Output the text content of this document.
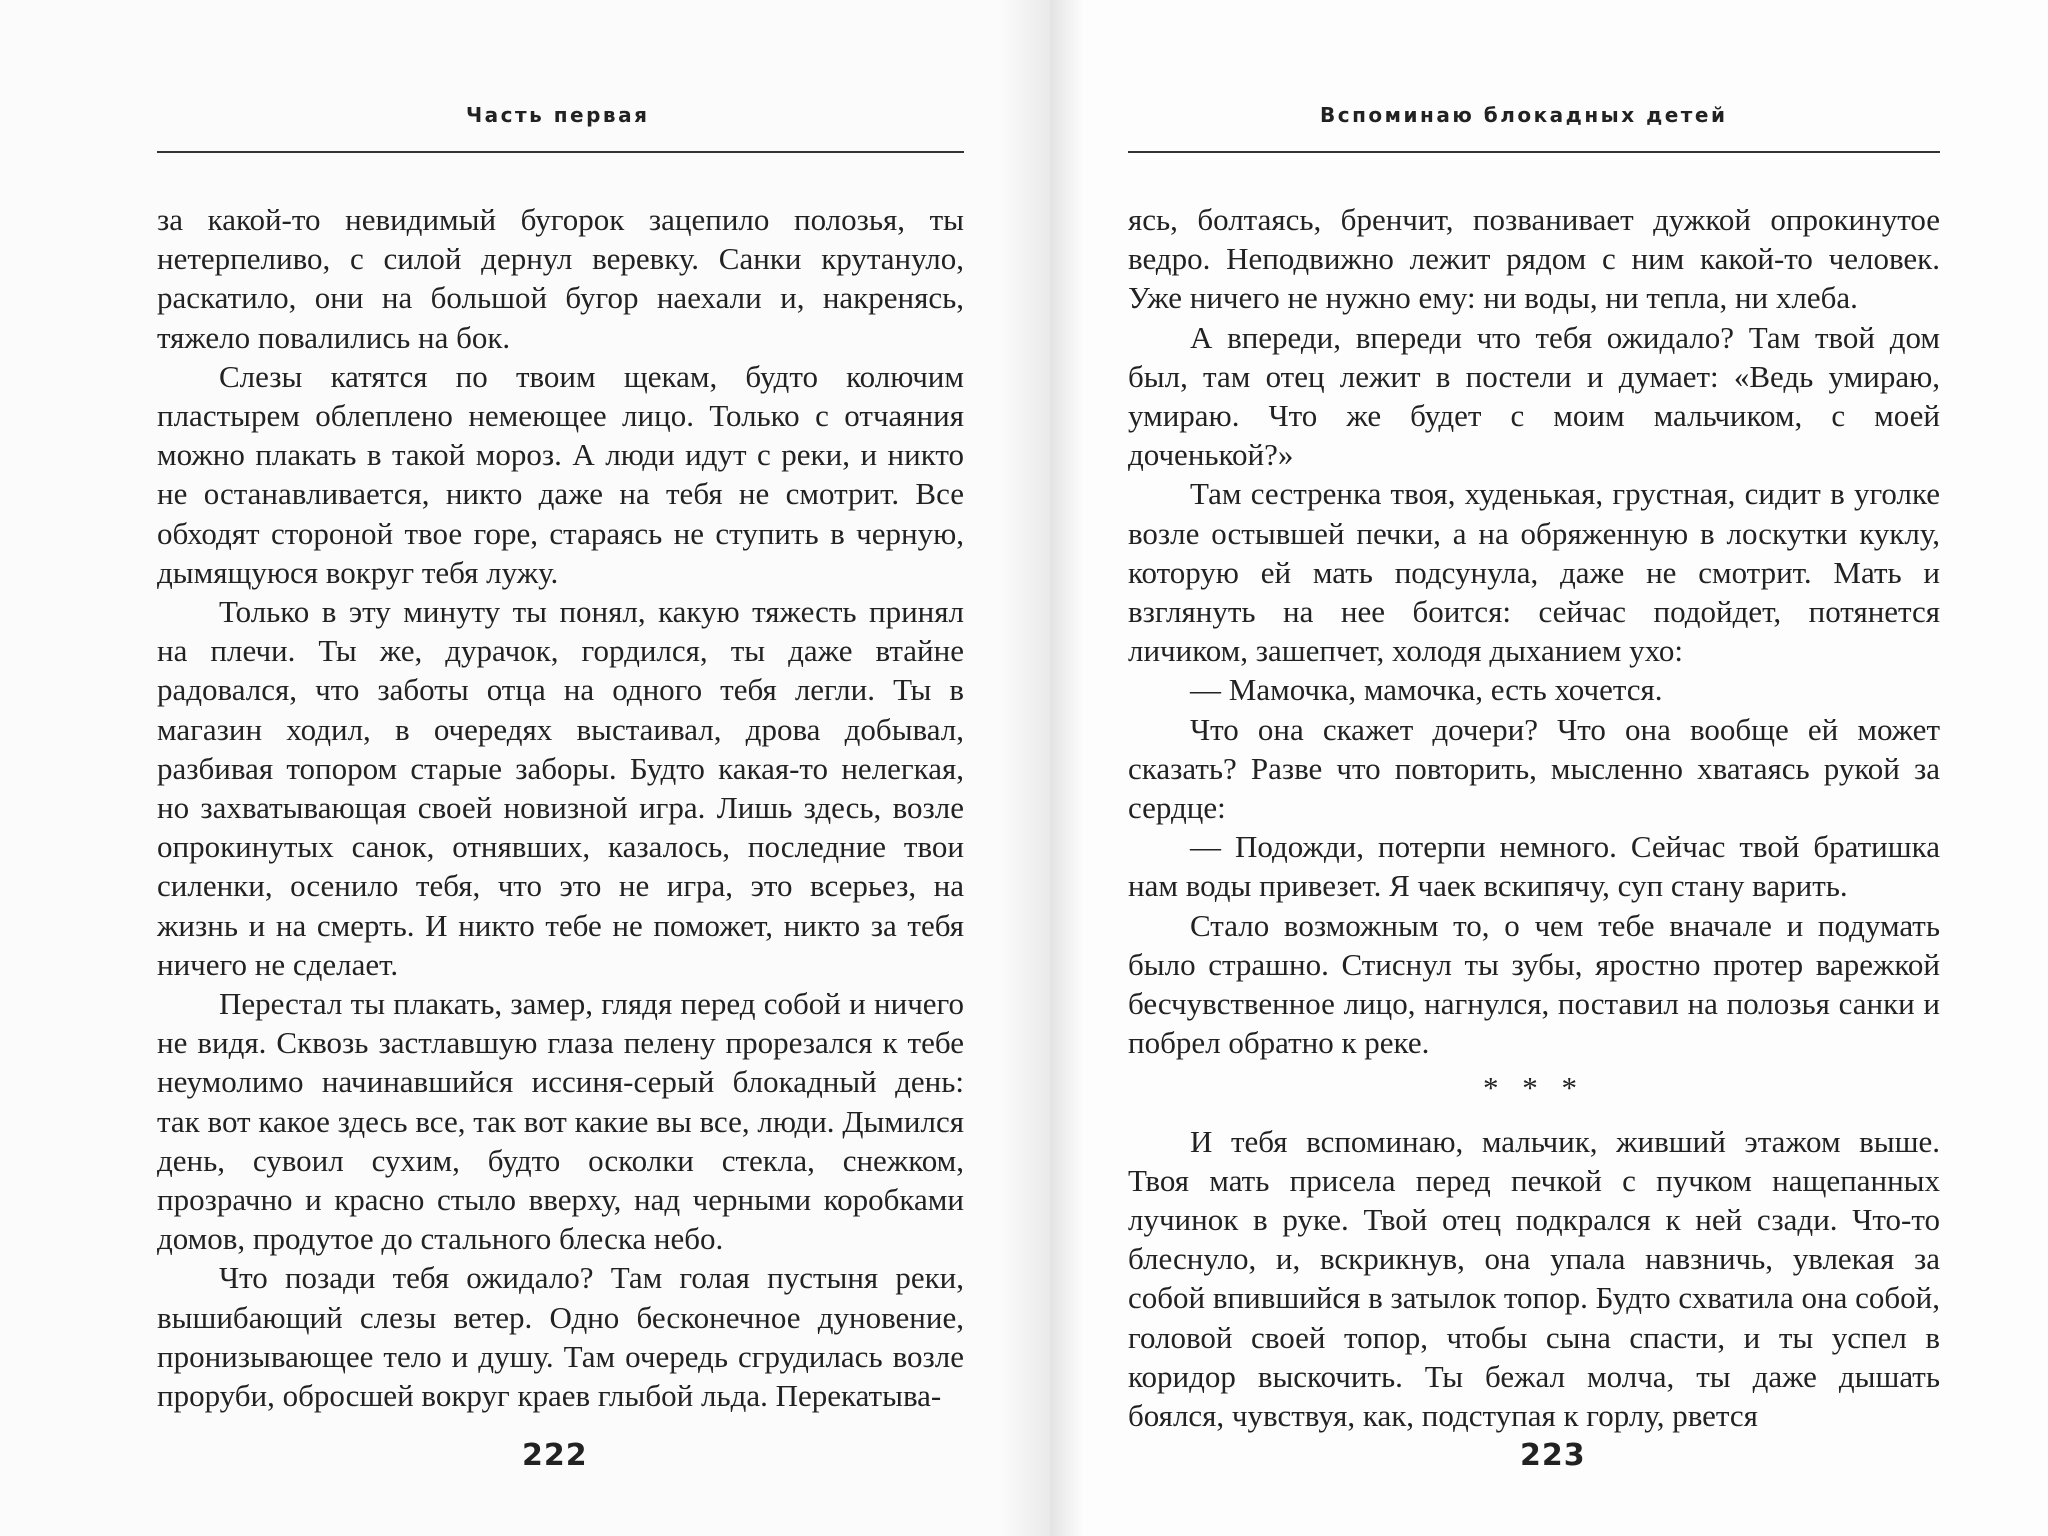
Часть первая

за какой-то невидимый бугорок зацепило полозья, ты нетерпеливо, с силой дернул веревку. Санки крутануло, раскатило, они на большой бугор наехали и, накренясь, тяжело повалились на бок.

Слезы катятся по твоим щекам, будто колючим пластырем облеплено немеющее лицо. Только с отчаяния можно плакать в такой мороз. А люди идут с реки, и никто не останавливается, никто даже на тебя не смотрит. Все обходят стороной твое горе, стараясь не ступить в черную, дымящуюся вокруг тебя лужу.

Только в эту минуту ты понял, какую тяжесть принял на плечи. Ты же, дурачок, гордился, ты даже втайне радовался, что заботы отца на одного тебя легли. Ты в магазин ходил, в очередях выстаивал, дрова добывал, разбивая топором старые заборы. Будто какая-то нелегкая, но захватывающая своей новизной игра. Лишь здесь, возле опрокинутых санок, отнявших, казалось, последние твои силенки, осенило тебя, что это не игра, это всерьез, на жизнь и на смерть. И никто тебе не поможет, никто за тебя ничего не сделает.

Перестал ты плакать, замер, глядя перед собой и ничего не видя. Сквозь застлавшую глаза пелену прорезался к тебе неумолимо начинавшийся иссиня-серый блокадный день: так вот какое здесь все, так вот какие вы все, люди. Дымился день, сувоил сухим, будто осколки стекла, снежком, прозрачно и красно стыло вверху, над черными коробками домов, продутое до стального блеска небо.

Что позади тебя ожидало? Там голая пустыня реки, вышибающий слезы ветер. Одно бесконечное дуновение, пронизывающее тело и душу. Там очередь сгрудилась возле проруби, обросшей вокруг краев глыбой льда. Перекатыва-

222
Вспоминаю блокадных детей

ясь, болтаясь, бренчит, позванивает дужкой опрокинутое ведро. Неподвижно лежит рядом с ним какой-то человек. Уже ничего не нужно ему: ни воды, ни тепла, ни хлеба.

А впереди, впереди что тебя ожидало? Там твой дом был, там отец лежит в постели и думает: «Ведь умираю, умираю. Что же будет с моим мальчиком, с моей доченькой?»

Там сестренка твоя, худенькая, грустная, сидит в уголке возле остывшей печки, а на обряженную в лоскутки куклу, которую ей мать подсунула, даже не смотрит. Мать и взглянуть на нее боится: сейчас подойдет, потянется личиком, зашепчет, холодя дыханием ухо:

— Мамочка, мамочка, есть хочется.

Что она скажет дочери? Что она вообще ей может сказать? Разве что повторить, мысленно хватаясь рукой за сердце:

— Подожди, потерпи немного. Сейчас твой братишка нам воды привезет. Я чаек вскипячу, суп стану варить.

Стало возможным то, о чем тебе вначале и подумать было страшно. Стиснул ты зубы, яростно протер варежкой бесчувственное лицо, нагнулся, поставил на полозья санки и побрел обратно к реке.

* * *

И тебя вспоминаю, мальчик, живший этажом выше. Твоя мать присела перед печкой с пучком нащепанных лучинок в руке. Твой отец подкрался к ней сзади. Что-то блеснуло, и, вскрикнув, она упала навзничь, увлекая за собой впившийся в затылок топор. Будто схватила она собой, головой своей топор, чтобы сына спасти, и ты успел в коридор выскочить. Ты бежал молча, ты даже дышать боялся, чувствуя, как, подступая к горлу, рвется

223
